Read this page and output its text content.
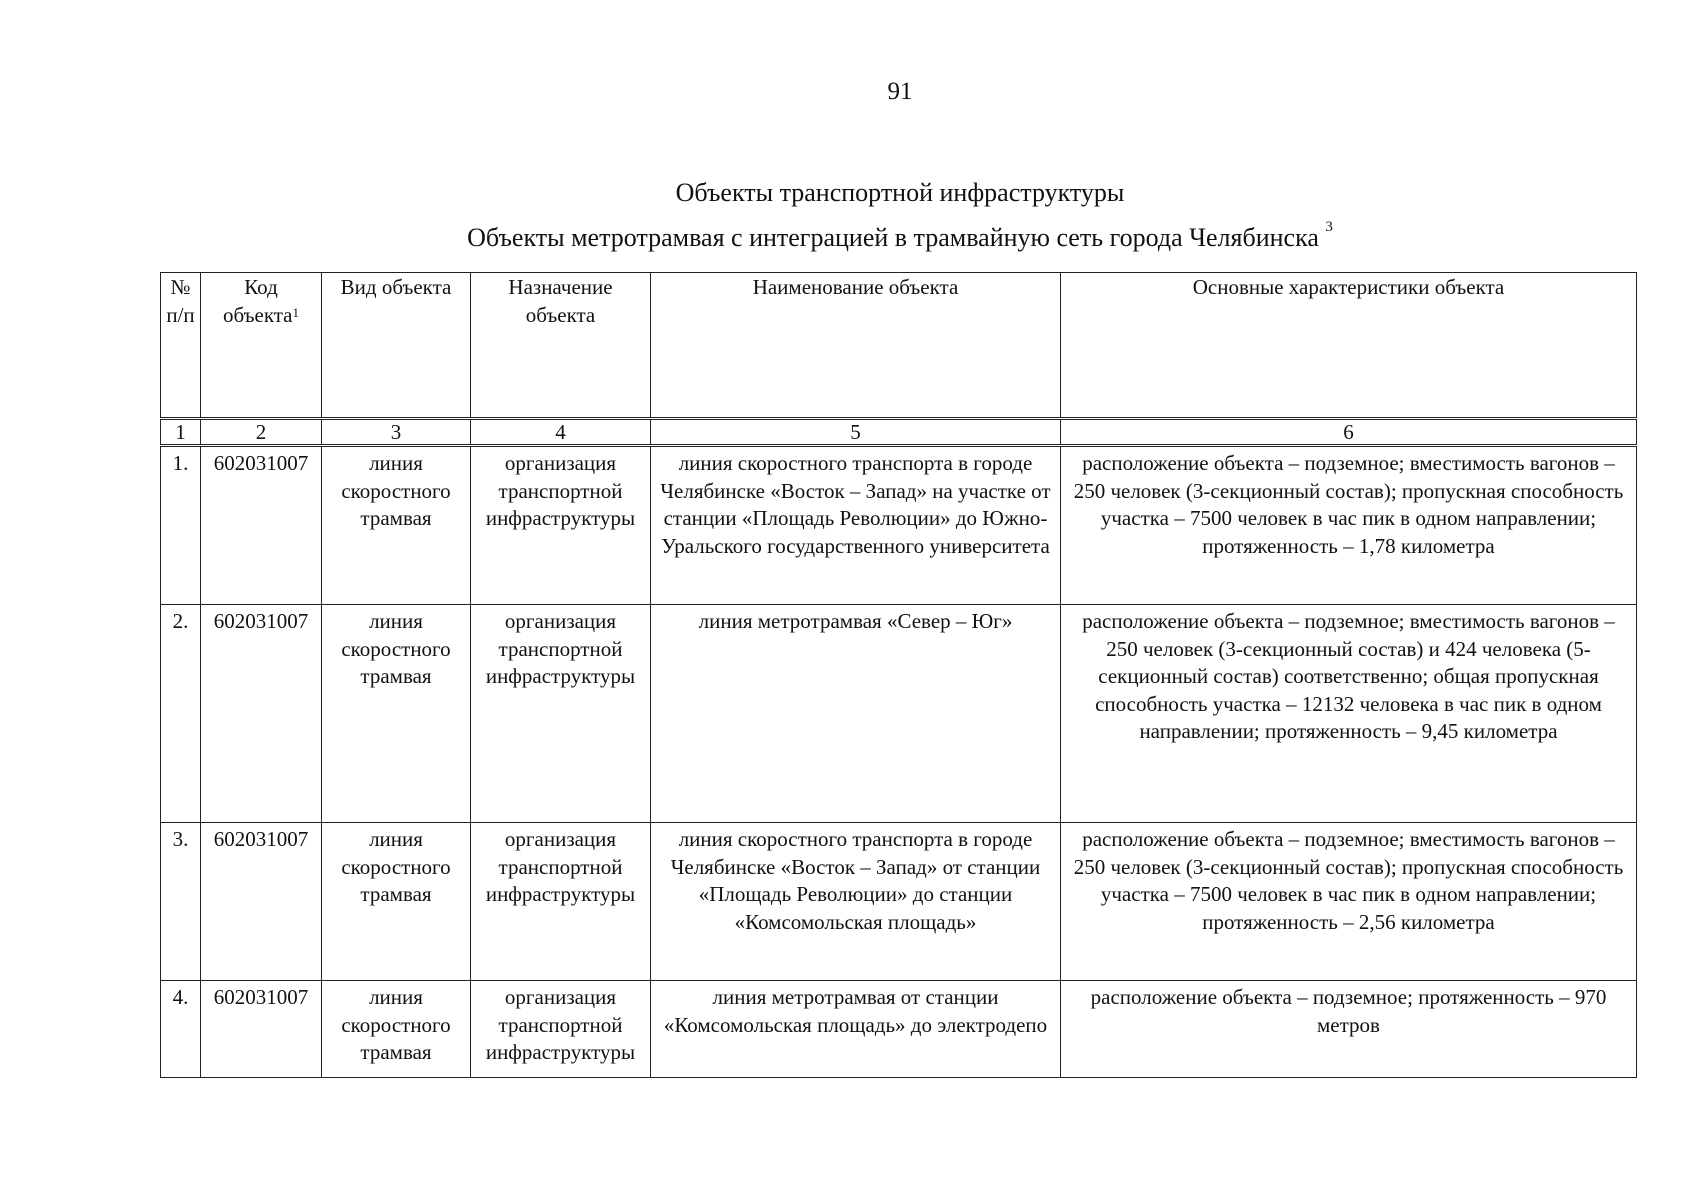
91
Объекты транспортной инфраструктуры
Объекты метротрамвая с интеграцией в трамвайную сеть города Челябинска $^3$
№ п/п	Код объекта$^1$	Вид объекта	Назначение объекта	Наименование объекта	Основные характеристики объекта
1	2	3	4	5	6
1.	602031007	линия скоростного трамвая	организация транспортной инфраструктуры	линия скоростного транспорта в городе Челябинске «Восток – Запад» на участке от станции «Площадь Революции» до Южно-Уральского государственного университета	расположение объекта – подземное; вместимость вагонов – 250 человек (3-секционный состав); пропускная способность участка – 7500 человек в час пик в одном направлении; протяженность – 1,78 километра
2.	602031007	линия скоростного трамвая	организация транспортной инфраструктуры	линия метротрамвая «Север – Юг»	расположение объекта – подземное; вместимость вагонов – 250 человек (3-секционный состав) и 424 человека (5-секционный состав) соответственно; общая пропускная способность участка – 12132 человека в час пик в одном направлении; протяженность – 9,45 километра
3.	602031007	линия скоростного трамвая	организация транспортной инфраструктуры	линия скоростного транспорта в городе Челябинске «Восток – Запад» от станции «Площадь Революции» до станции «Комсомольская площадь»	расположение объекта – подземное; вместимость вагонов – 250 человек (3-секционный состав); пропускная способность участка – 7500 человек в час пик в одном направлении; протяженность – 2,56 километра
4.	602031007	линия скоростного трамвая	организация транспортной инфраструктуры	линия метротрамвая от станции «Комсомольская площадь» до электродепо	расположение объекта – подземное; протяженность – 970 метров
